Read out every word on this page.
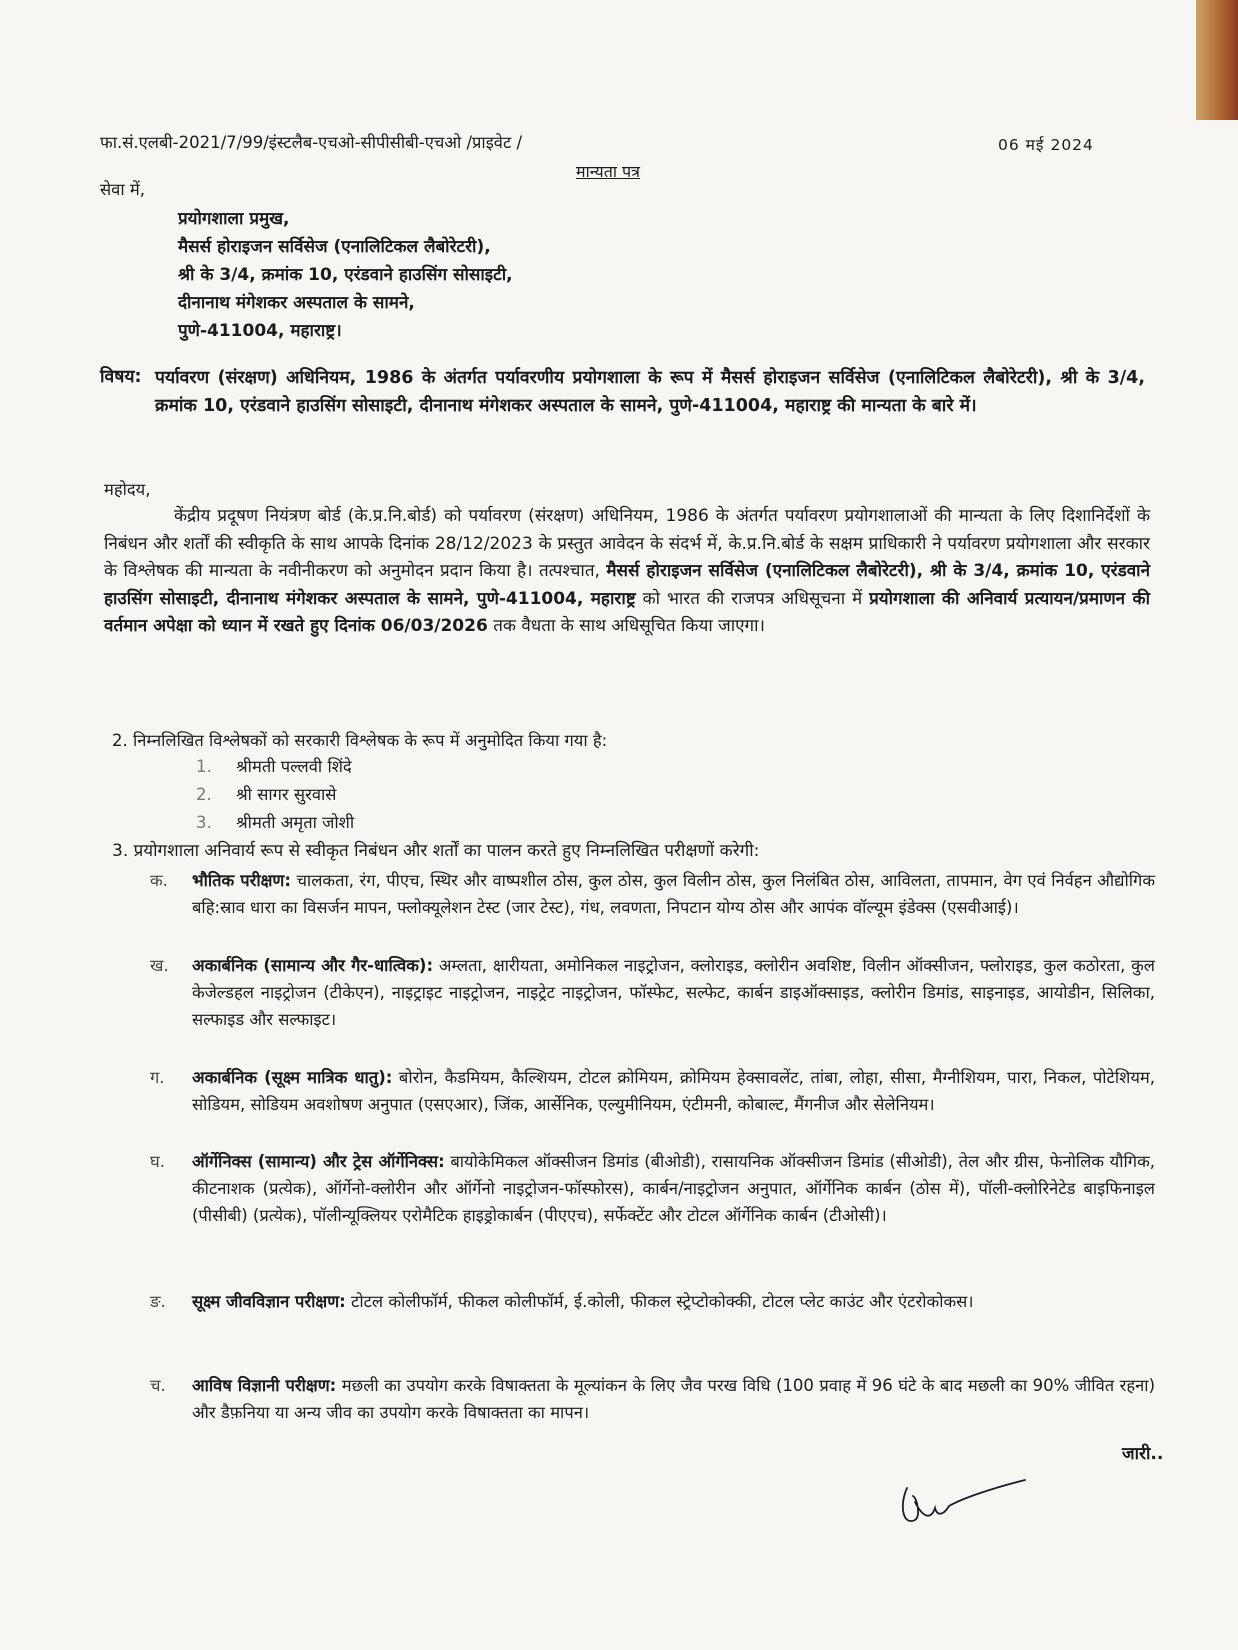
फा.सं.एलबी-2021/7/99/इंस्टलैब-एचओ-सीपीसीबी-एचओ /प्राइवेट /	06 मई 2024
मान्यता पत्र
सेवा में,
प्रयोगशाला प्रमुख,
मैसर्स होराइजन सर्विसेज (एनालिटिकल लैबोरेटरी),
श्री के 3/4, क्रमांक 10, एरंडवाने हाउसिंग सोसाइटी,
दीनानाथ मंगेशकर अस्पताल के सामने,
पुणे-411004, महाराष्ट्र।
विषय: पर्यावरण (संरक्षण) अधिनियम, 1986 के अंतर्गत पर्यावरणीय प्रयोगशाला के रूप में मैसर्स होराइजन सर्विसेज (एनालिटिकल लैबोरेटरी), श्री के 3/4, क्रमांक 10, एरंडवाने हाउसिंग सोसाइटी, दीनानाथ मंगेशकर अस्पताल के सामने, पुणे-411004, महाराष्ट्र की मान्यता के बारे में।
महोदय,
केंद्रीय प्रदूषण नियंत्रण बोर्ड (के.प्र.नि.बोर्ड) को पर्यावरण (संरक्षण) अधिनियम, 1986 के अंतर्गत पर्यावरण प्रयोगशालाओं की मान्यता के लिए दिशानिर्देशों के निबंधन और शर्तों की स्वीकृति के साथ आपके दिनांक 28/12/2023 के प्रस्तुत आवेदन के संदर्भ में, के.प्र.नि.बोर्ड के सक्षम प्राधिकारी ने पर्यावरण प्रयोगशाला और सरकार के विश्लेषक की मान्यता के नवीनीकरण को अनुमोदन प्रदान किया है। तत्पश्चात, मैसर्स होराइजन सर्विसेज (एनालिटिकल लैबोरेटरी), श्री के 3/4, क्रमांक 10, एरंडवाने हाउसिंग सोसाइटी, दीनानाथ मंगेशकर अस्पताल के सामने, पुणे-411004, महाराष्ट्र को भारत की राजपत्र अधिसूचना में प्रयोगशाला की अनिवार्य प्रत्यायन/प्रमाणन की वर्तमान अपेक्षा को ध्यान में रखते हुए दिनांक 06/03/2026 तक वैधता के साथ अधिसूचित किया जाएगा।
2. निम्नलिखित विश्लेषकों को सरकारी विश्लेषक के रूप में अनुमोदित किया गया है:
1. श्रीमती पल्लवी शिंदे
2. श्री सागर सुरवासे
3. श्रीमती अमृता जोशी
3. प्रयोगशाला अनिवार्य रूप से स्वीकृत निबंधन और शर्तों का पालन करते हुए निम्नलिखित परीक्षणों करेगी:
क. भौतिक परीक्षण: चालकता, रंग, पीएच, स्थिर और वाष्पशील ठोस, कुल ठोस, कुल विलीन ठोस, कुल निलंबित ठोस, आविलता, तापमान, वेग एवं निर्वहन औद्योगिक बहि:स्राव धारा का विसर्जन मापन, फ्लोक्यूलेशन टेस्ट (जार टेस्ट), गंध, लवणता, निपटान योग्य ठोस और आपंक वॉल्यूम इंडेक्स (एसवीआई)।
ख. अकार्बनिक (सामान्य और गैर-धात्विक): अम्लता, क्षारीयता, अमोनिकल नाइट्रोजन, क्लोराइड, क्लोरीन अवशिष्ट, विलीन ऑक्सीजन, फ्लोराइड, कुल कठोरता, कुल केजेल्डहल नाइट्रोजन (टीकेएन), नाइट्राइट नाइट्रोजन, नाइट्रेट नाइट्रोजन, फॉस्फेट, सल्फेट, कार्बन डाइऑक्साइड, क्लोरीन डिमांड, साइनाइड, आयोडीन, सिलिका, सल्फाइड और सल्फाइट।
ग. अकार्बनिक (सूक्ष्म मात्रिक धातु): बोरोन, कैडमियम, कैल्शियम, टोटल क्रोमियम, क्रोमियम हेक्सावलेंट, तांबा, लोहा, सीसा, मैग्नीशियम, पारा, निकल, पोटेशियम, सोडियम, सोडियम अवशोषण अनुपात (एसएआर), जिंक, आर्सेनिक, एल्युमीनियम, एंटीमनी, कोबाल्ट, मैंगनीज और सेलेनियम।
घ. ऑर्गेनिक्स (सामान्य) और ट्रेस ऑर्गेनिक्स: बायोकेमिकल ऑक्सीजन डिमांड (बीओडी), रासायनिक ऑक्सीजन डिमांड (सीओडी), तेल और ग्रीस, फेनोलिक यौगिक, कीटनाशक (प्रत्येक), ऑर्गेनो-क्लोरीन और ऑर्गेनो नाइट्रोजन-फॉस्फोरस), कार्बन/नाइट्रोजन अनुपात, ऑर्गेनिक कार्बन (ठोस में), पॉली-क्लोरिनेटेड बाइफिनाइल (पीसीबी) (प्रत्येक), पॉलीन्यूक्लियर एरोमैटिक हाइड्रोकार्बन (पीएएच), सर्फेक्टेंट और टोटल ऑर्गेनिक कार्बन (टीओसी)।
ङ. सूक्ष्म जीवविज्ञान परीक्षण: टोटल कोलीफॉर्म, फीकल कोलीफॉर्म, ई.कोली, फीकल स्ट्रेप्टोकोक्की, टोटल प्लेट काउंट और एंटरोकोकस।
च. आविष विज्ञानी परीक्षण: मछली का उपयोग करके विषाक्तता के मूल्यांकन के लिए जैव परख विधि (100 प्रवाह में 96 घंटे के बाद मछली का 90% जीवित रहना) और डैफ़निया या अन्य जीव का उपयोग करके विषाक्तता का मापन।
जारी..
